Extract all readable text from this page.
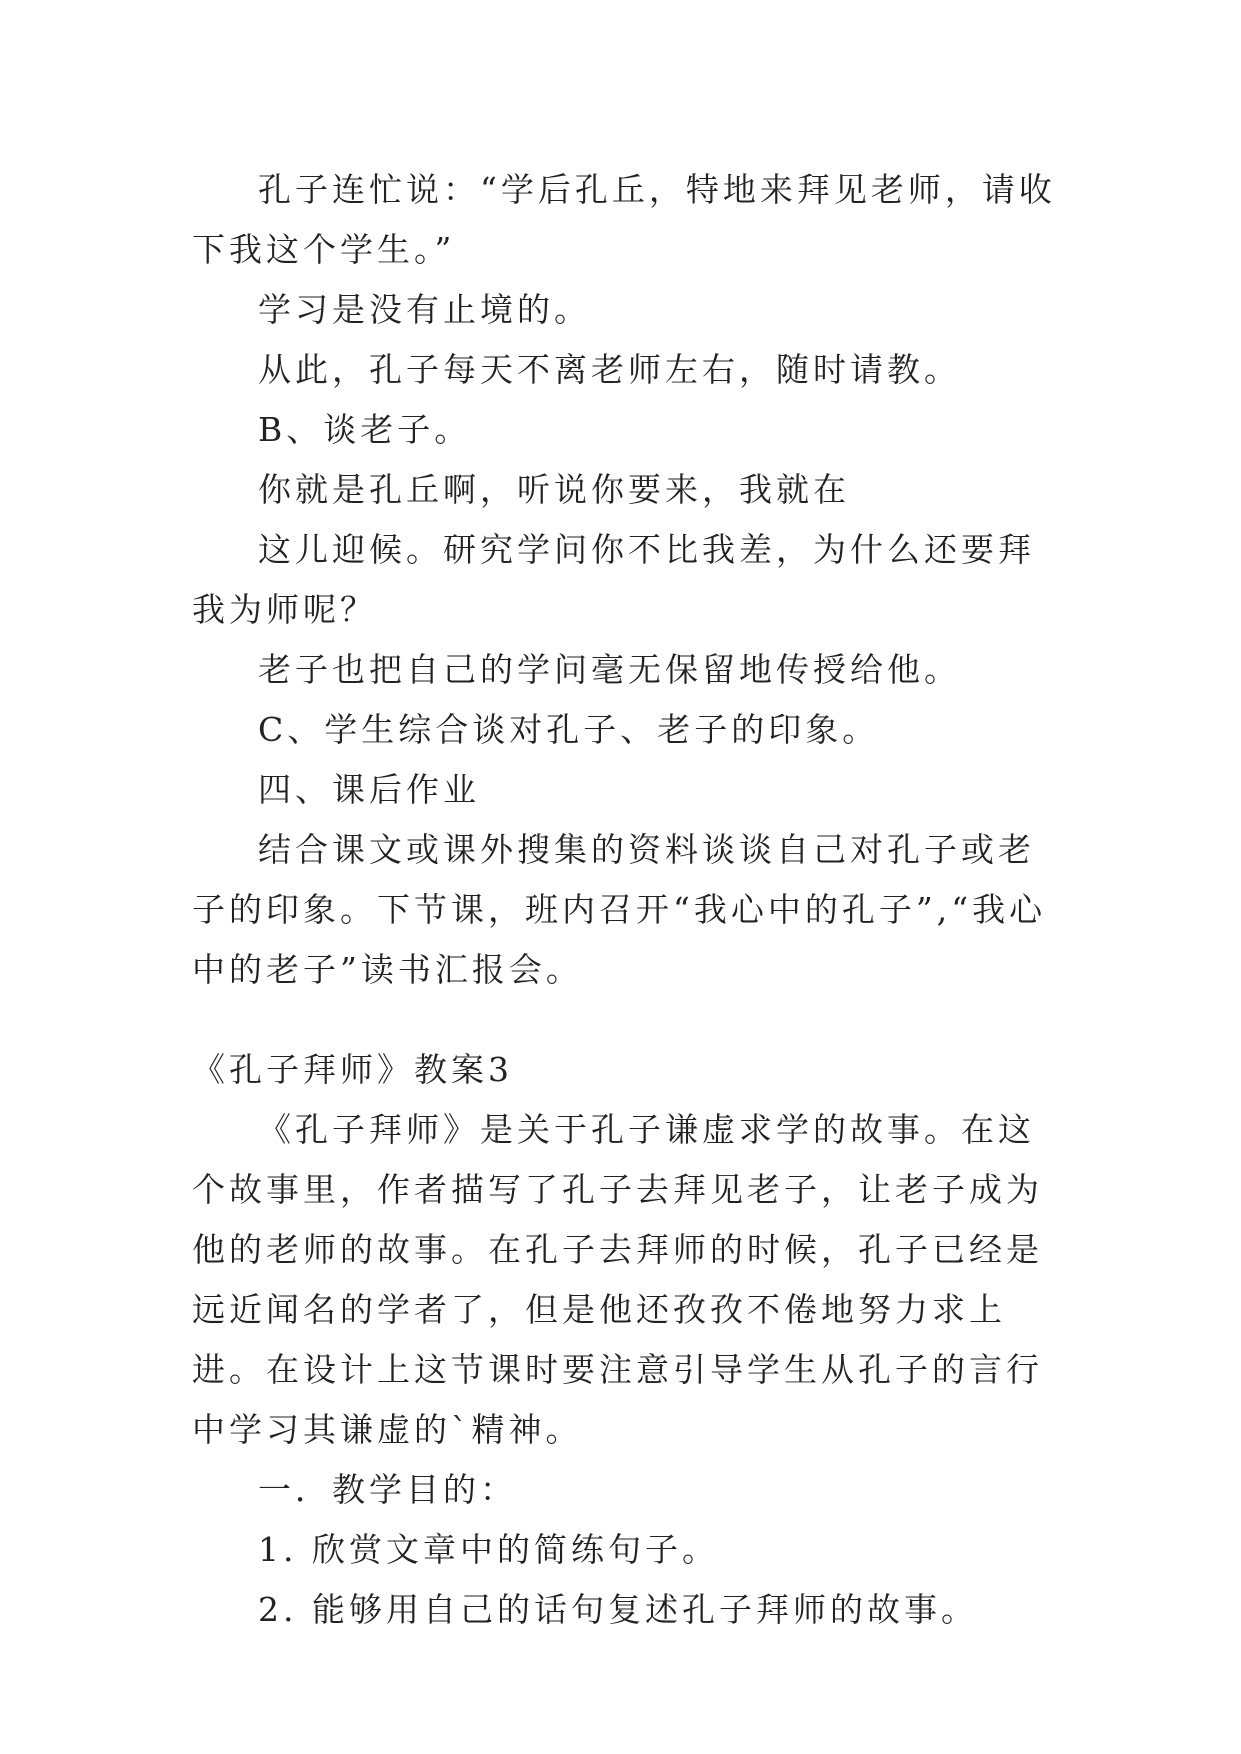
孔子连忙说：“学后孔丘，特地来拜见老师，请收下我这个学生。”

学习是没有止境的。

从此，孔子每天不离老师左右，随时请教。

B、谈老子。

你就是孔丘啊，听说你要来，我就在

这儿迎候。研究学问你不比我差，为什么还要拜我为师呢？

老子也把自己的学问毫无保留地传授给他。

C、学生综合谈对孔子、老子的印象。

四、课后作业

结合课文或课外搜集的资料谈谈自己对孔子或老子的印象。下节课，班内召开“我心中的孔子”,“我心中的老子”读书汇报会。

《孔子拜师》教案3

《孔子拜师》是关于孔子谦虚求学的故事。在这个故事里，作者描写了孔子去拜见老子，让老子成为他的老师的故事。在孔子去拜师的时候，孔子已经是远近闻名的学者了，但是他还孜孜不倦地努力求上进。在设计上这节课时要注意引导学生从孔子的言行中学习其谦虚的`精神。

一．教学目的：

1. 欣赏文章中的简练句子。

2. 能够用自己的话句复述孔子拜师的故事。
